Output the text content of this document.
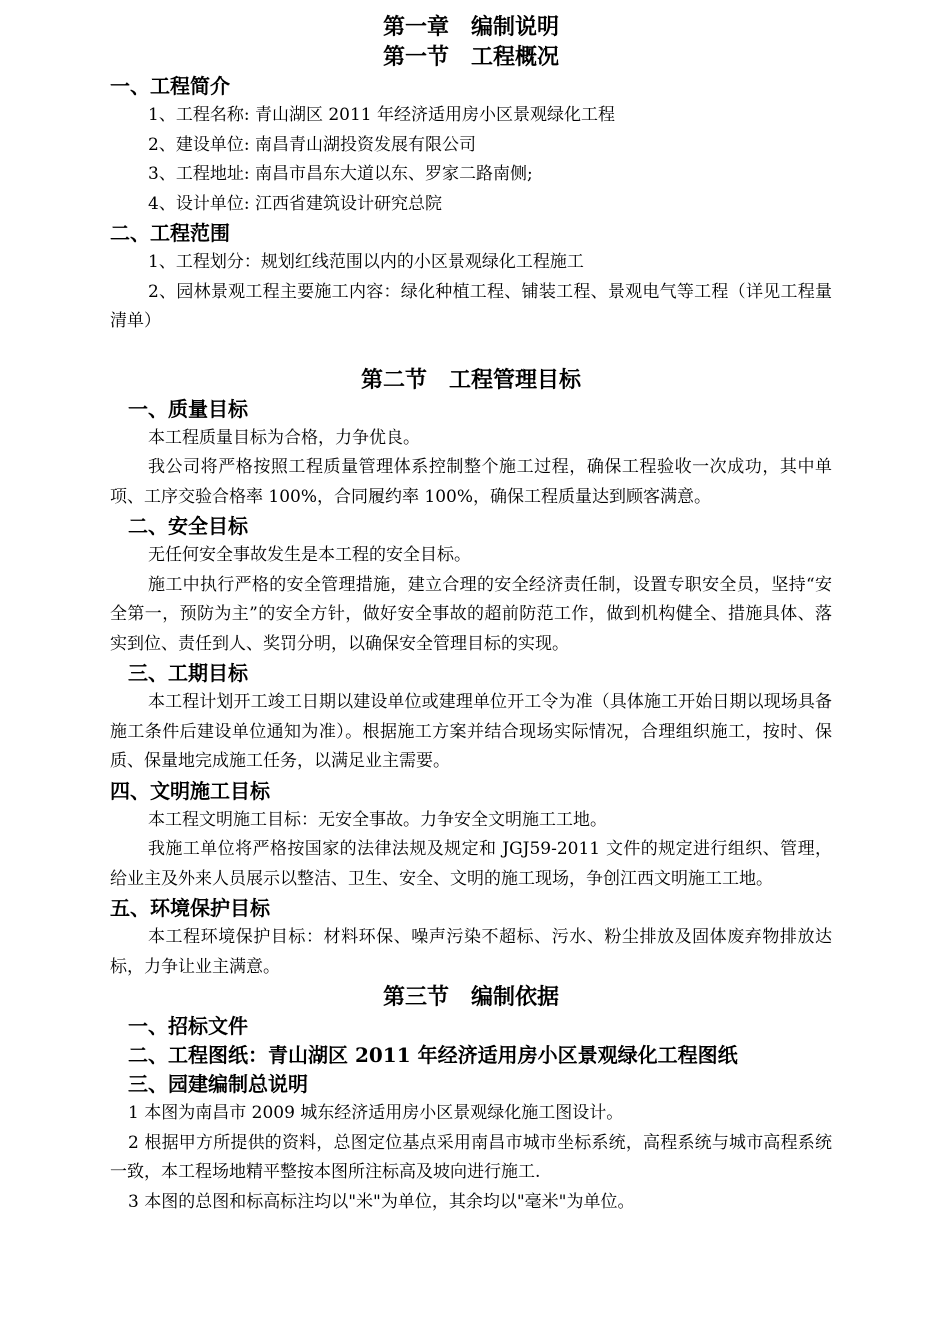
第一章　编制说明
第一节　工程概况
一、工程简介

1、工程名称: 青山湖区 2011 年经济适用房小区景观绿化工程

2、建设单位: 南昌青山湖投资发展有限公司

3、工程地址: 南昌市昌东大道以东、罗家二路南侧;

4、设计单位: 江西省建筑设计研究总院

二、工程范围

1、工程划分：规划红线范围以内的小区景观绿化工程施工

2、园林景观工程主要施工内容：绿化种植工程、铺装工程、景观电气等工程（详见工程量清单）

第二节　工程管理目标
一、质量目标

本工程质量目标为合格，力争优良。

我公司将严格按照工程质量管理体系控制整个施工过程，确保工程验收一次成功，其中单项、工序交验合格率 100%，合同履约率 100%，确保工程质量达到顾客满意。

二、安全目标

无任何安全事故发生是本工程的安全目标。

施工中执行严格的安全管理措施，建立合理的安全经济责任制，设置专职安全员，坚持“安全第一，预防为主”的安全方针，做好安全事故的超前防范工作，做到机构健全、措施具体、落实到位、责任到人、奖罚分明，以确保安全管理目标的实现。

三、工期目标

本工程计划开工竣工日期以建设单位或建理单位开工令为准（具体施工开始日期以现场具备施工条件后建设单位通知为准）。根据施工方案并结合现场实际情况，合理组织施工，按时、保质、保量地完成施工任务，以满足业主需要。

四、文明施工目标

本工程文明施工目标：无安全事故。力争安全文明施工工地。

我施工单位将严格按国家的法律法规及规定和 JGJ59-2011 文件的规定进行组织、管理，给业主及外来人员展示以整洁、卫生、安全、文明的施工现场，争创江西文明施工工地。

五、环境保护目标

本工程环境保护目标：材料环保、噪声污染不超标、污水、粉尘排放及固体废弃物排放达标，力争让业主满意。

第三节　编制依据
一、招标文件
二、工程图纸：青山湖区 2011 年经济适用房小区景观绿化工程图纸
三、园建编制总说明

1 本图为南昌市 2009 城东经济适用房小区景观绿化施工图设计。

2 根据甲方所提供的资料，总图定位基点采用南昌市城市坐标系统，高程系统与城市高程系统一致，本工程场地精平整按本图所注标高及坡向进行施工.

3 本图的总图和标高标注均以"米"为单位，其余均以"毫米"为单位。
